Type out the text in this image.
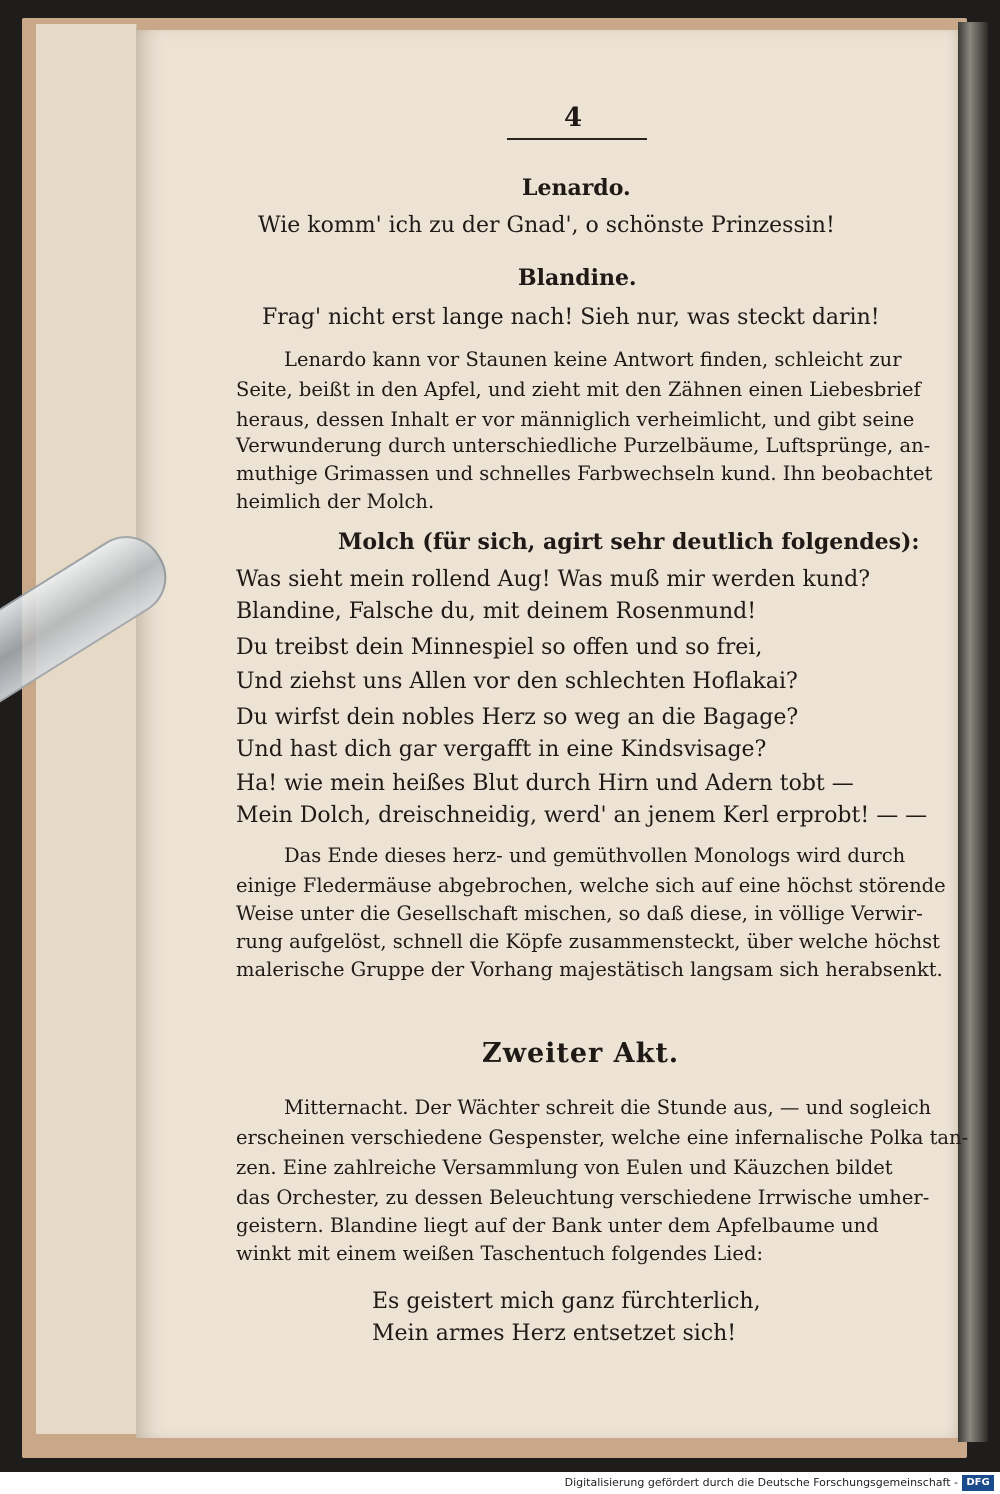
4
Lenardo.
Wie komm' ich zu der Gnad', o schönste Prinzessin!
Blandine.
Frag' nicht erst lange nach! Sieh nur, was steckt darin!
Lenardo kann vor Staunen keine Antwort finden, schleicht zur
Seite, beißt in den Apfel, und zieht mit den Zähnen einen Liebesbrief
heraus, dessen Inhalt er vor männiglich verheimlicht, und gibt seine
Verwunderung durch unterschiedliche Purzelbäume, Luftsprünge, an-
muthige Grimassen und schnelles Farbwechseln kund. Ihn beobachtet
heimlich der Molch.
Molch (für sich, agirt sehr deutlich folgendes):
Was sieht mein rollend Aug! Was muß mir werden kund?
Blandine, Falsche du, mit deinem Rosenmund!
Du treibst dein Minnespiel so offen und so frei,
Und ziehst uns Allen vor den schlechten Hoflakai?
Du wirfst dein nobles Herz so weg an die Bagage?
Und hast dich gar vergafft in eine Kindsvisage?
Ha! wie mein heißes Blut durch Hirn und Adern tobt —
Mein Dolch, dreischneidig, werd' an jenem Kerl erprobt! — —
Das Ende dieses herz- und gemüthvollen Monologs wird durch
einige Fledermäuse abgebrochen, welche sich auf eine höchst störende
Weise unter die Gesellschaft mischen, so daß diese, in völlige Verwir-
rung aufgelöst, schnell die Köpfe zusammensteckt, über welche höchst
malerische Gruppe der Vorhang majestätisch langsam sich herabsenkt.
Zweiter Akt.
Mitternacht. Der Wächter schreit die Stunde aus, — und sogleich
erscheinen verschiedene Gespenster, welche eine infernalische Polka tan-
zen. Eine zahlreiche Versammlung von Eulen und Käuzchen bildet
das Orchester, zu dessen Beleuchtung verschiedene Irrwische umher-
geistern. Blandine liegt auf der Bank unter dem Apfelbaume und
winkt mit einem weißen Taschentuch folgendes Lied:
Es geistert mich ganz fürchterlich,
Mein armes Herz entsetzet sich!
Digitalisierung gefördert durch die Deutsche Forschungsgemeinschaft - DFG
